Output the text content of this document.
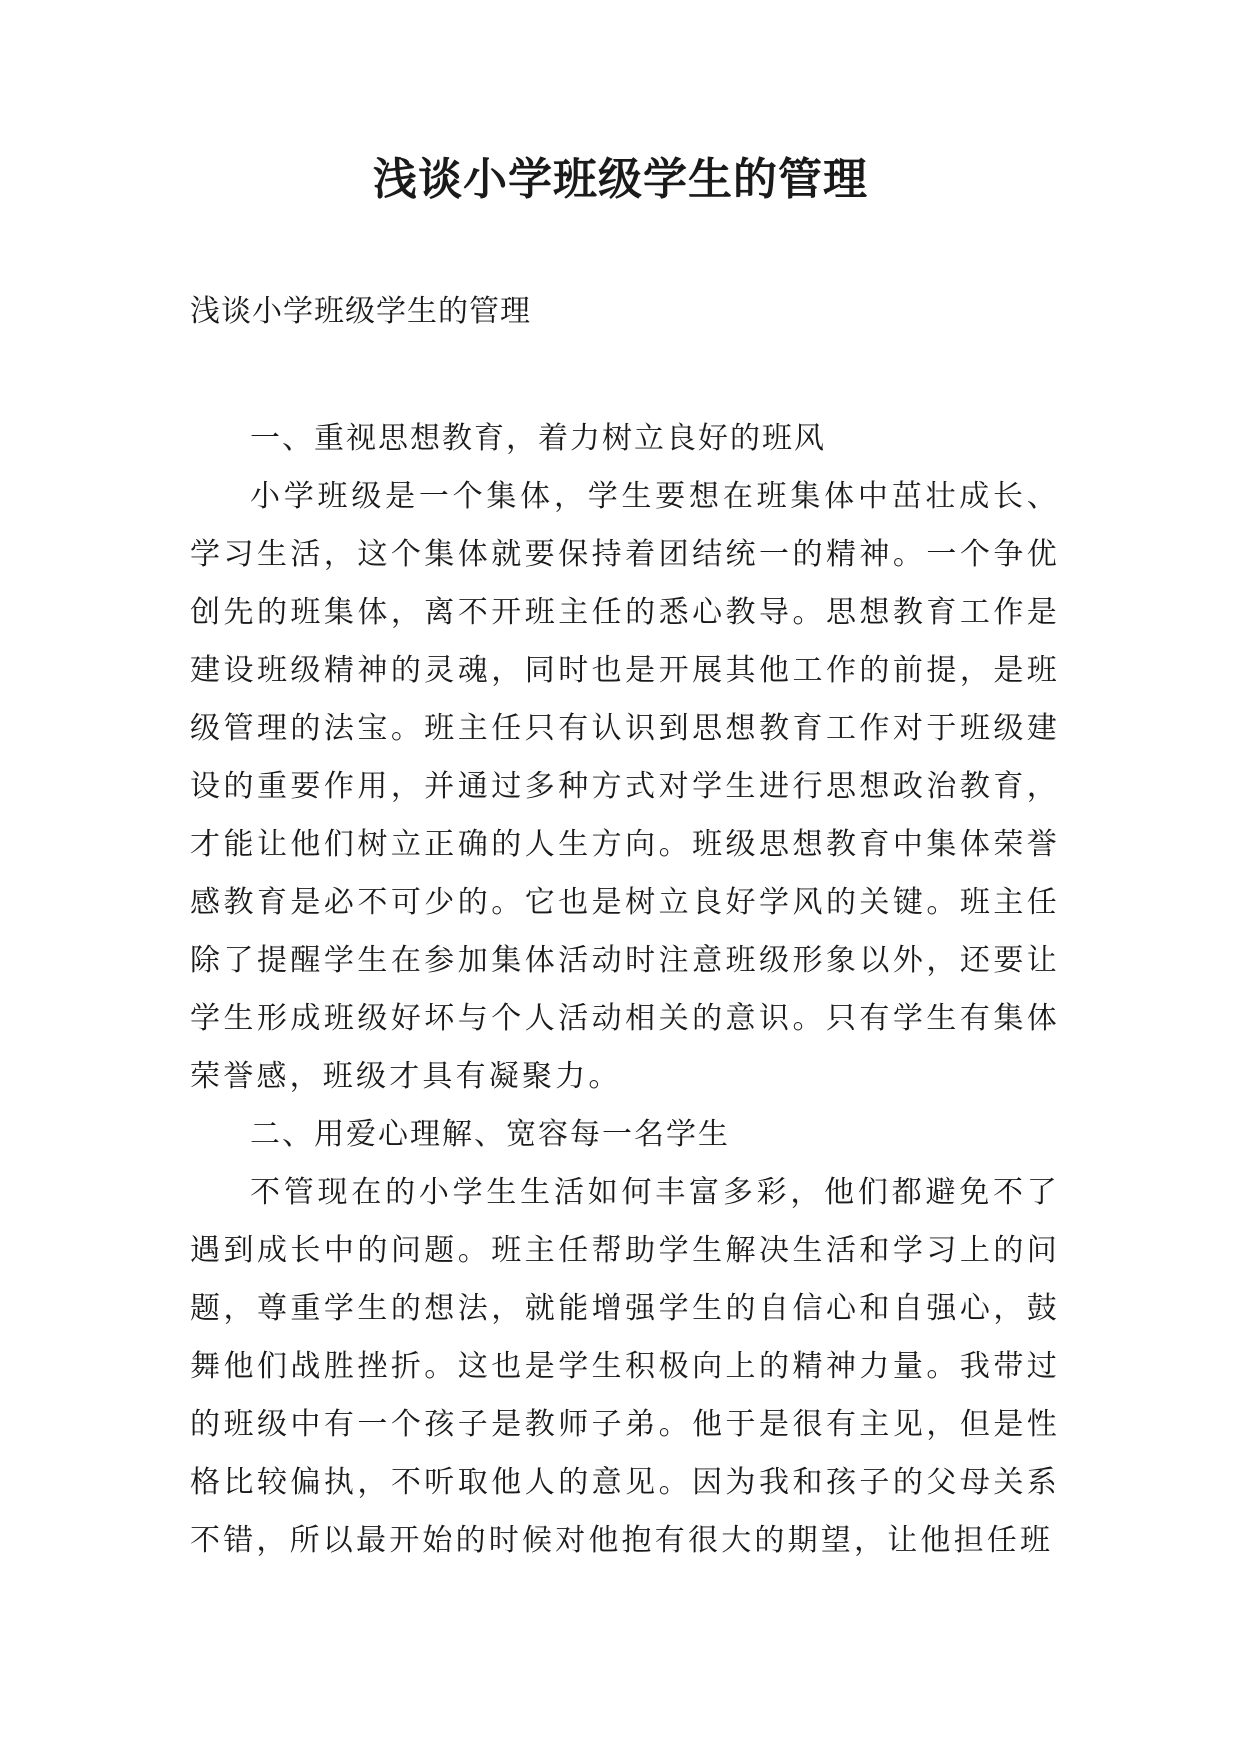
浅谈小学班级学生的管理
浅谈小学班级学生的管理

一、重视思想教育，着力树立良好的班风

小学班级是一个集体，学生要想在班集体中茁壮成长、学习生活，这个集体就要保持着团结统一的精神。一个争优创先的班集体，离不开班主任的悉心教导。思想教育工作是建设班级精神的灵魂，同时也是开展其他工作的前提，是班级管理的法宝。班主任只有认识到思想教育工作对于班级建设的重要作用，并通过多种方式对学生进行思想政治教育，才能让他们树立正确的人生方向。班级思想教育中集体荣誉感教育是必不可少的。它也是树立良好学风的关键。班主任除了提醒学生在参加集体活动时注意班级形象以外，还要让学生形成班级好坏与个人活动相关的意识。只有学生有集体荣誉感，班级才具有凝聚力。

二、用爱心理解、宽容每一名学生

不管现在的小学生生活如何丰富多彩，他们都避免不了遇到成长中的问题。班主任帮助学生解决生活和学习上的问题，尊重学生的想法，就能增强学生的自信心和自强心，鼓舞他们战胜挫折。这也是学生积极向上的精神力量。我带过的班级中有一个孩子是教师子弟。他于是很有主见，但是性格比较偏执，不听取他人的意见。因为我和孩子的父母关系不错，所以最开始的时候对他抱有很大的期望，让他担任班
